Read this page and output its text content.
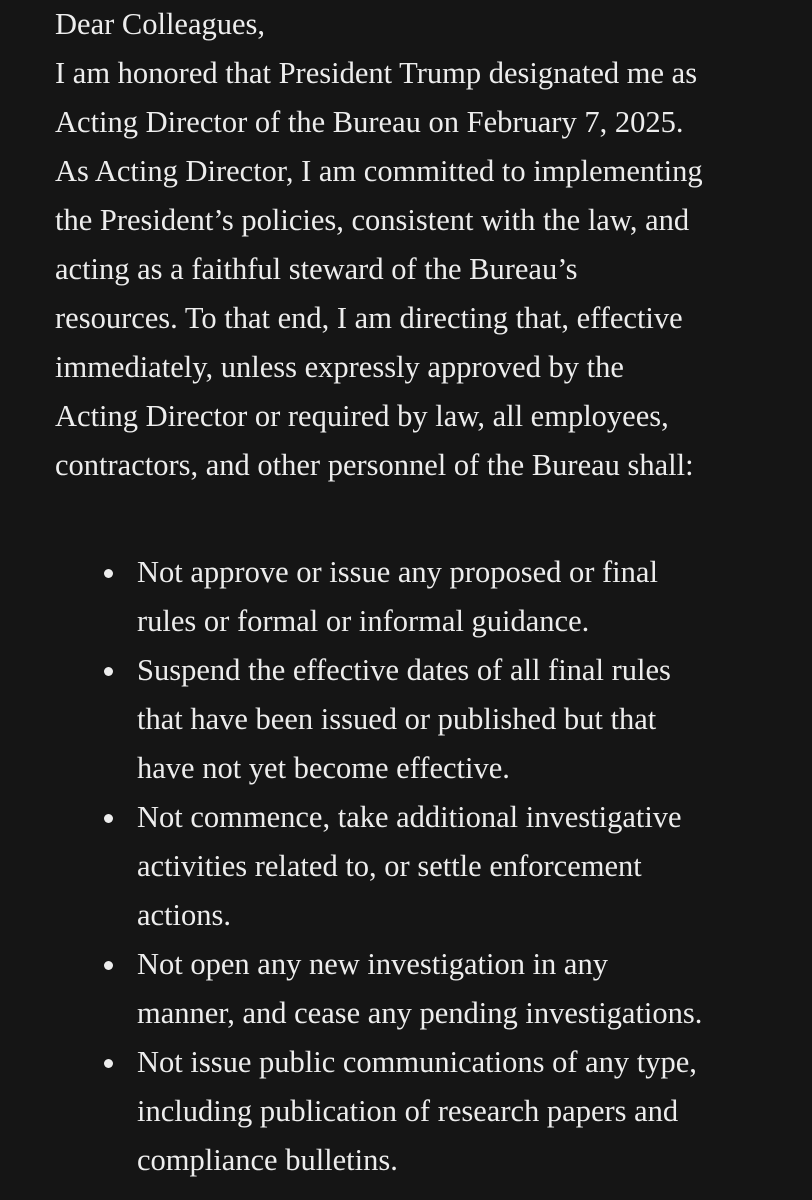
Dear Colleagues,
I am honored that President Trump designated me as
Acting Director of the Bureau on February 7, 2025.
As Acting Director, I am committed to implementing
the President’s policies, consistent with the law, and
acting as a faithful steward of the Bureau’s
resources. To that end, I am directing that, effective
immediately, unless expressly approved by the
Acting Director or required by law, all employees,
contractors, and other personnel of the Bureau shall:
Not approve or issue any proposed or final
rules or formal or informal guidance.
Suspend the effective dates of all final rules
that have been issued or published but that
have not yet become effective.
Not commence, take additional investigative
activities related to, or settle enforcement
actions.
Not open any new investigation in any
manner, and cease any pending investigations.
Not issue public communications of any type,
including publication of research papers and
compliance bulletins.
